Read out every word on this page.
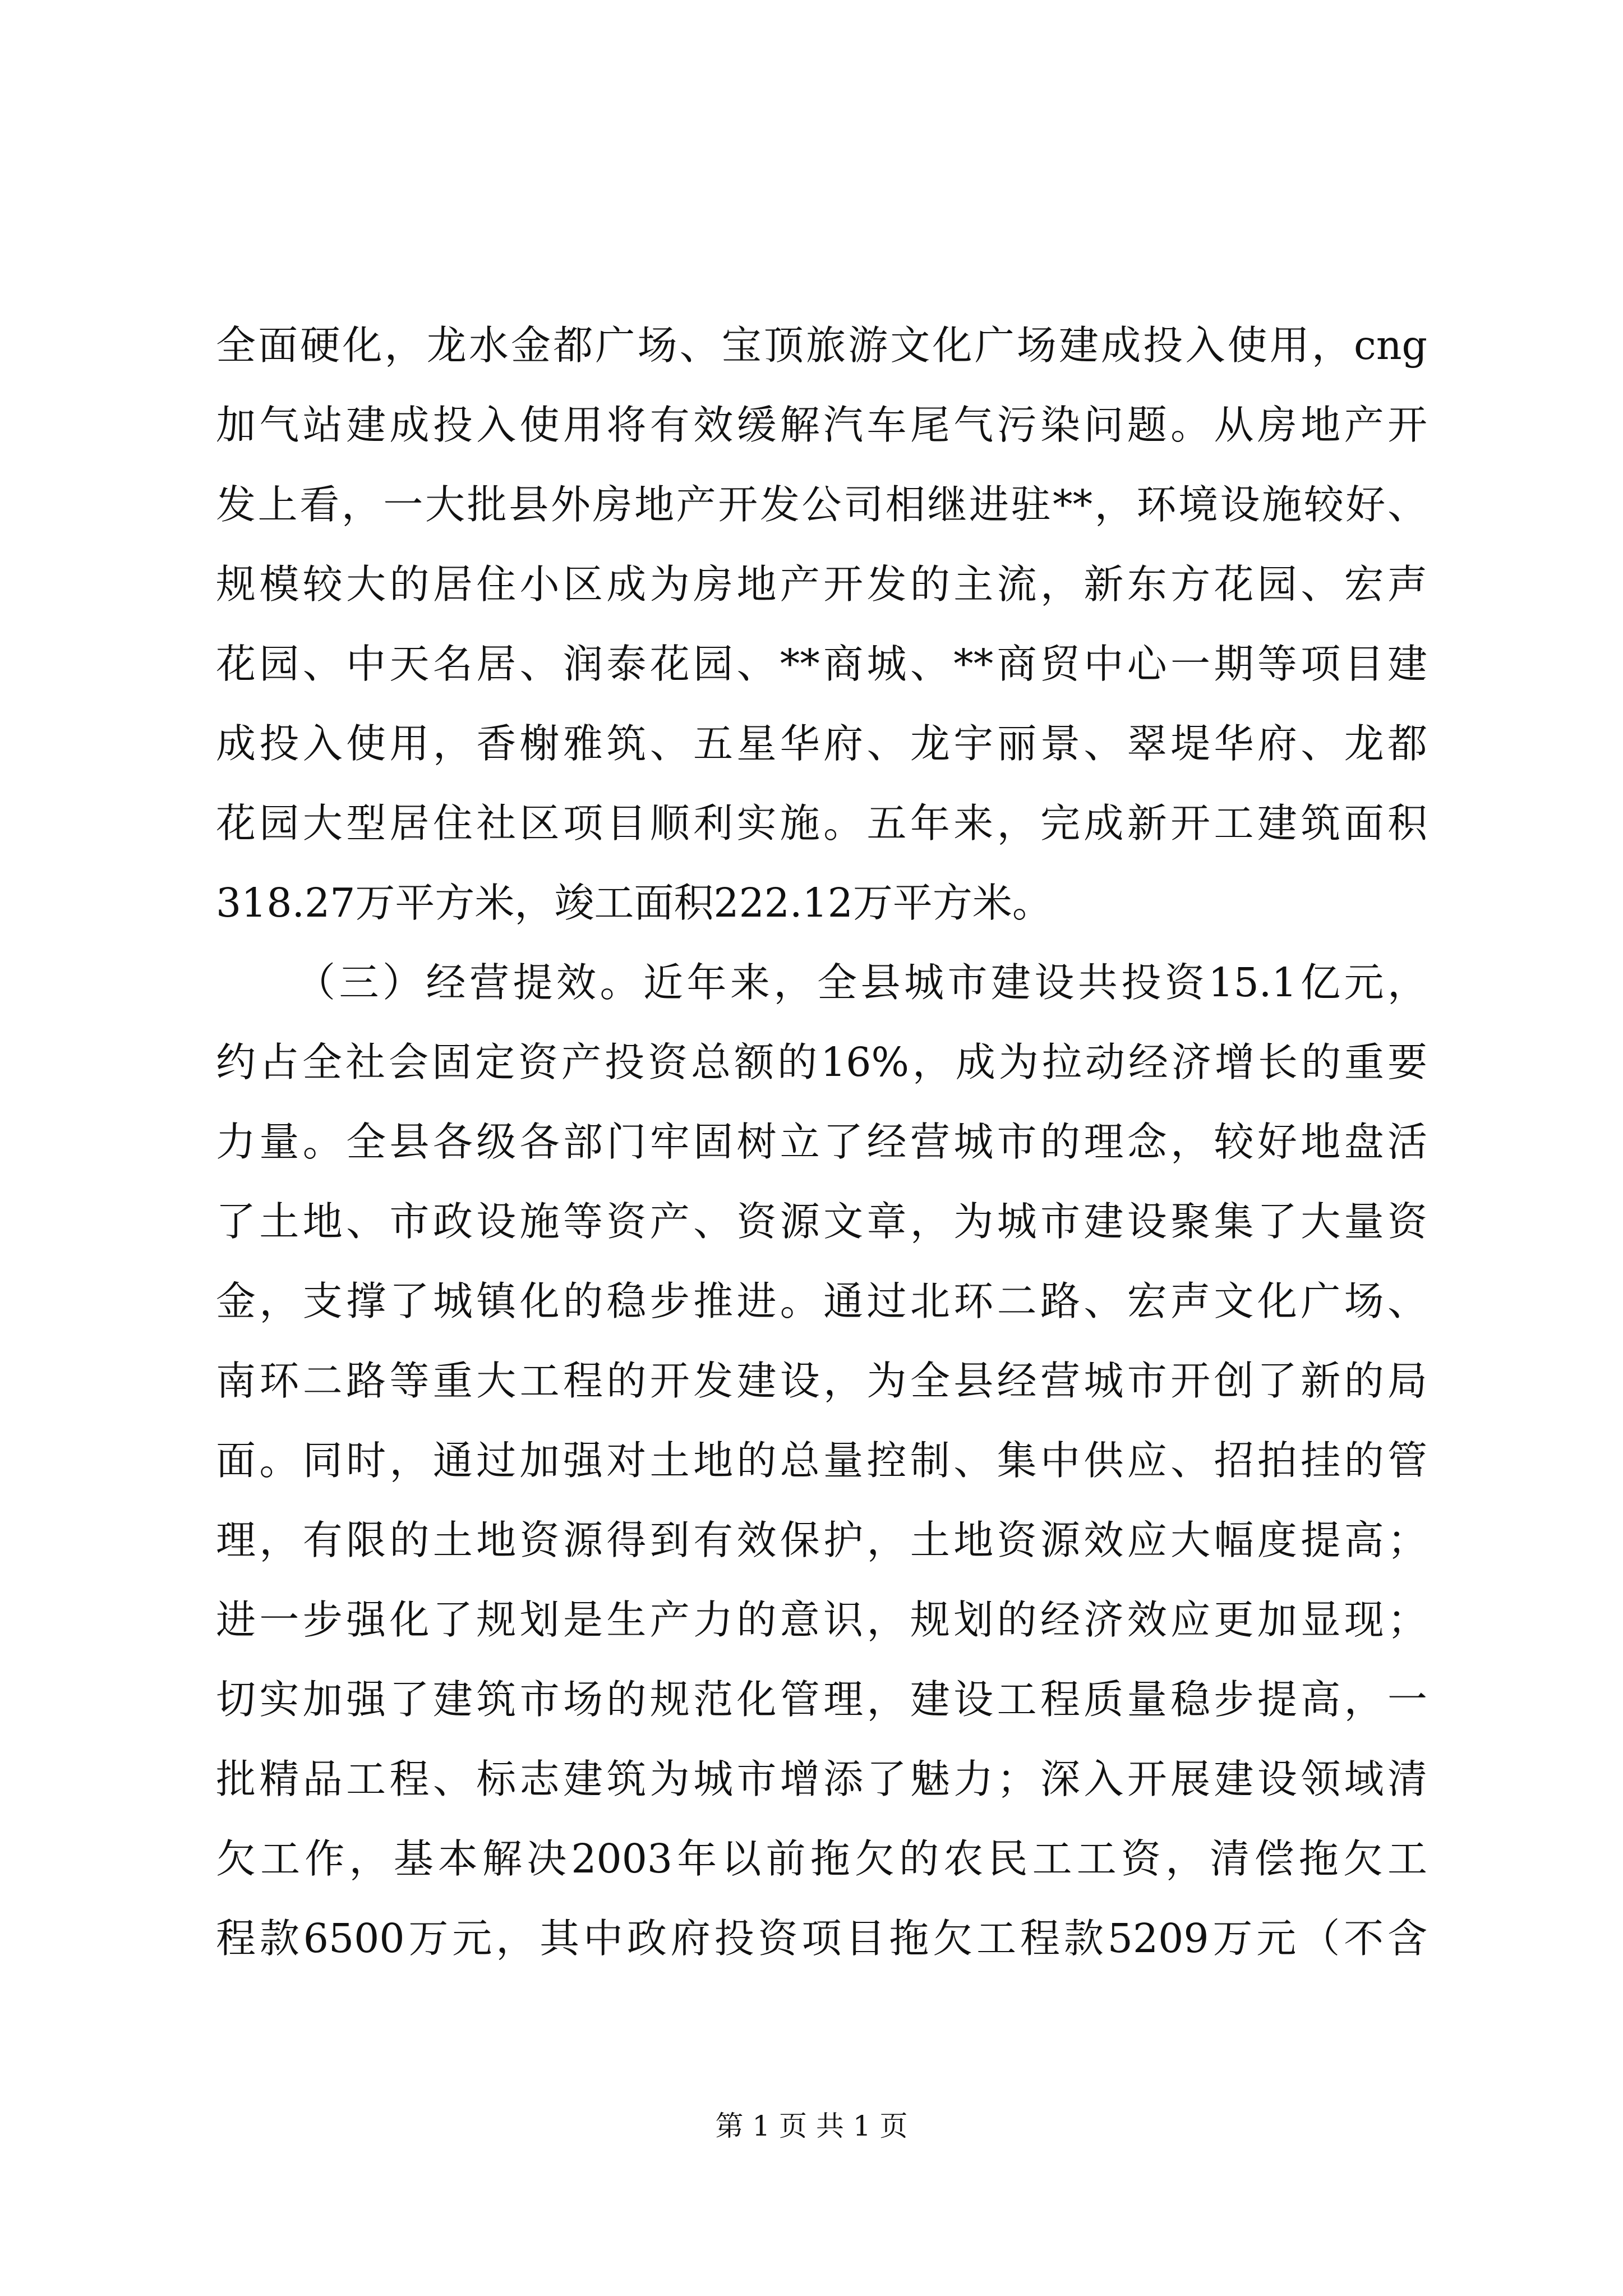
全面硬化，龙水金都广场、宝顶旅游文化广场建成投入使用，cng
加气站建成投入使用将有效缓解汽车尾气污染问题。从房地产开
发上看，一大批县外房地产开发公司相继进驻**，环境设施较好、
规模较大的居住小区成为房地产开发的主流，新东方花园、宏声
花园、中天名居、润泰花园、**商城、**商贸中心一期等项目建
成投入使用，香榭雅筑、五星华府、龙宇丽景、翠堤华府、龙都
花园大型居住社区项目顺利实施。五年来，完成新开工建筑面积
318.27万平方米，竣工面积222.12万平方米。
（三）经营提效。近年来，全县城市建设共投资15.1亿元，
约占全社会固定资产投资总额的16%，成为拉动经济增长的重要
力量。全县各级各部门牢固树立了经营城市的理念，较好地盘活
了土地、市政设施等资产、资源文章，为城市建设聚集了大量资
金，支撑了城镇化的稳步推进。通过北环二路、宏声文化广场、
南环二路等重大工程的开发建设，为全县经营城市开创了新的局
面。同时，通过加强对土地的总量控制、集中供应、招拍挂的管
理，有限的土地资源得到有效保护，土地资源效应大幅度提高；
进一步强化了规划是生产力的意识，规划的经济效应更加显现；
切实加强了建筑市场的规范化管理，建设工程质量稳步提高，一
批精品工程、标志建筑为城市增添了魅力；深入开展建设领域清
欠工作，基本解决2003年以前拖欠的农民工工资，清偿拖欠工
程款6500万元，其中政府投资项目拖欠工程款5209万元（不含
第 1 页 共 1 页
